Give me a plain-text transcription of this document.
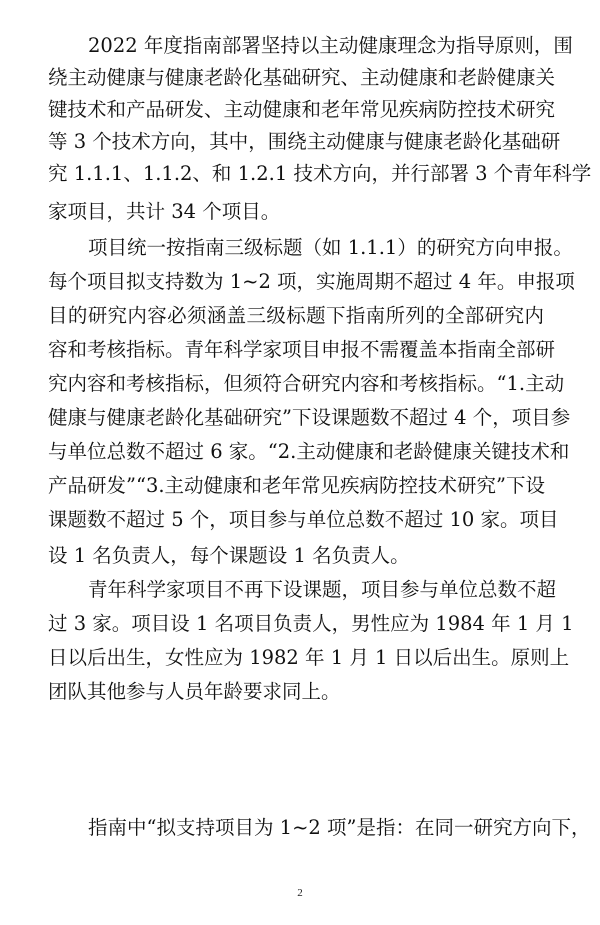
2022 年度指南部署坚持以主动健康理念为指导原则，围
绕主动健康与健康老龄化基础研究、主动健康和老龄健康关
键技术和产品研发、主动健康和老年常见疾病防控技术研究
等 3 个技术方向，其中，围绕主动健康与健康老龄化基础研
究 1.1.1、1.1.2、和 1.2.1 技术方向，并行部署 3 个青年科学
家项目，共计 34 个项目。
项目统一按指南三级标题（如 1.1.1）的研究方向申报。
每个项目拟支持数为 1~2 项，实施周期不超过 4 年。申报项
目的研究内容必须涵盖三级标题下指南所列的全部研究内
容和考核指标。青年科学家项目申报不需覆盖本指南全部研
究内容和考核指标，但须符合研究内容和考核指标。“1.主动
健康与健康老龄化基础研究”下设课题数不超过 4 个，项目参
与单位总数不超过 6 家。“2.主动健康和老龄健康关键技术和
产品研发”“3.主动健康和老年常见疾病防控技术研究”下设
课题数不超过 5 个，项目参与单位总数不超过 10 家。项目
设 1 名负责人，每个课题设 1 名负责人。
青年科学家项目不再下设课题，项目参与单位总数不超
过 3 家。项目设 1 名项目负责人，男性应为 1984 年 1 月 1
日以后出生，女性应为 1982 年 1 月 1 日以后出生。原则上
团队其他参与人员年龄要求同上。
指南中“拟支持项目为 1~2 项”是指：在同一研究方向下，
2
